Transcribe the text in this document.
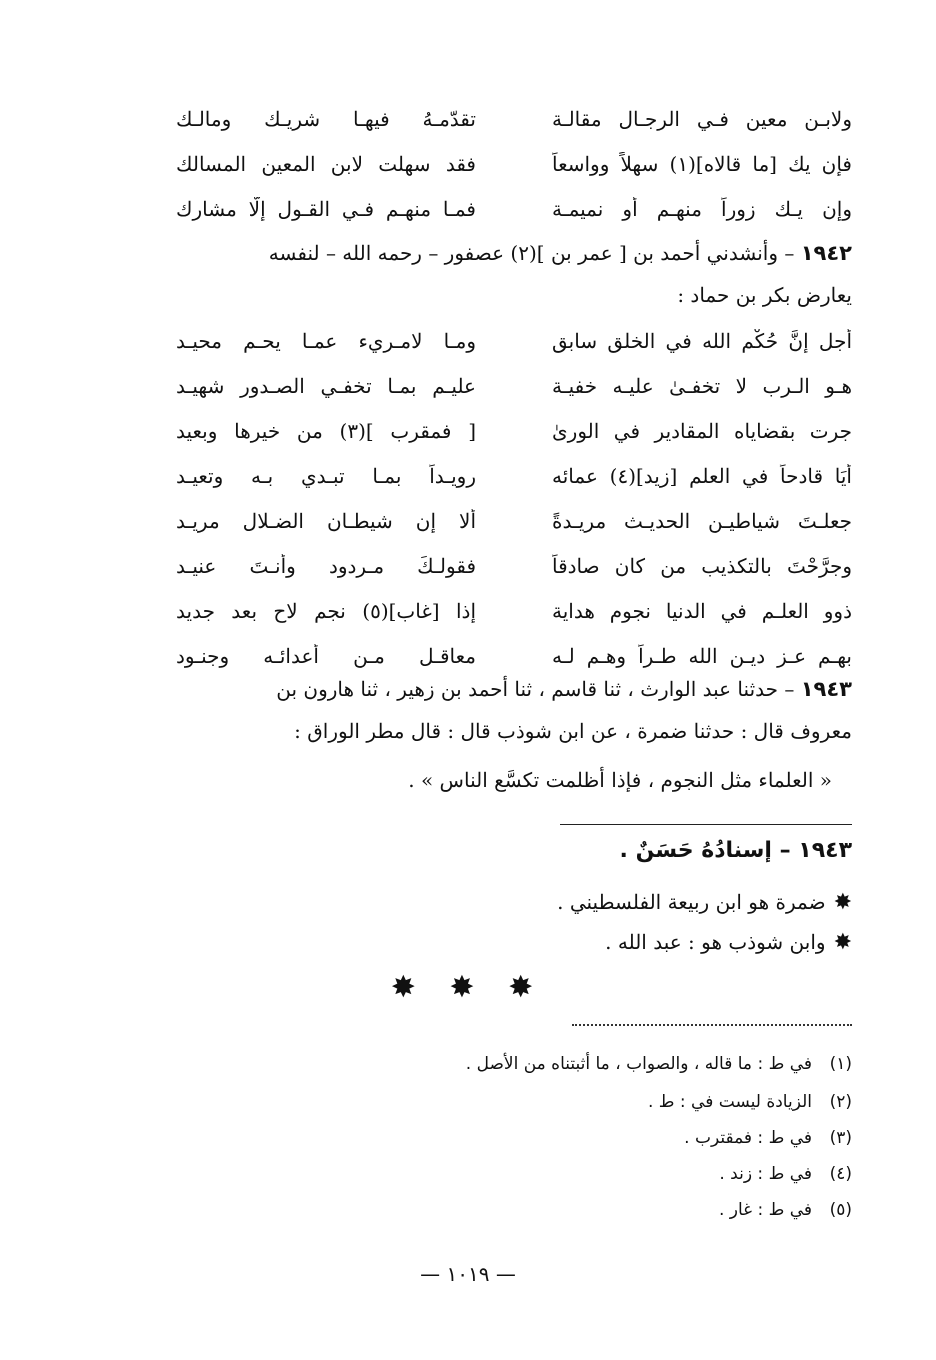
ولابـن معين فـي الرجـال مقالـة
تقدّمـهُ فيهـا شريـك ومالـك
فإن يك [ما قالاه](١) سهلاً وواسعاً
فقد سهلت لابن المعين المسالك
وإن يـك زوراً منهـم أو نميمـة
فمـا منهـم فـي القـول إلَّا مشارك
١٩٤٢ – وأنشدني أحمد بن [ عمر بن ](٢) عصفور – رحمه الله – لنفسه
يعارض بكر بن حماد :
أجل إنَّ حُكْم الله في الخلق سابق
ومـا لامـريء عمـا يحـم محيـد
هـو الـرب لا تخفـىٰ عليـه خفيـة
عليـم بمـا تخفـي الصـدور شهيـد
جرت بقضاياه المقادير في الورىٰ
[ فمقرب ](٣) من خيرها وبعيد
أيَا قادحاً في العلم [زيد](٤) عمائه
رويـداً بمـا تبـدي بـه وتعيـد
جعلـتَ شياطيـن الحديـث مريـدةً
ألا إن شيطـان الضـلال مريـد
وجرَّحْتَ بالتكذيب من كان صادقاً
فقولـكَ مـردود وأنـتَ عنيـد
ذوو العلـم في الدنيا نجوم هداية
إذا [غاب](٥) نجم لاح بعد جديد
بهـم عـز ديـن الله طـراً وهـم لـه
معاقـل مـن أعدائـه وجنـود
١٩٤٣ – حدثنا عبد الوارث ، ثنا قاسم ، ثنا أحمد بن زهير ، ثنا هارون بن
معروف قال : حدثنا ضمرة ، عن ابن شوذب قال : قال مطر الوراق :
« العلماء مثل النجوم ، فإذا أظلمت تكسَّع الناس » .
١٩٤٣ – إسنادُهُ حَسَنٌ .
✸ضمرة هو ابن ربيعة الفلسطيني .
✸وابن شوذب هو : عبد الله .
✸ ✸ ✸
(١)في ط : ما قاله ، والصواب ، ما أثبتناه من الأصل .
(٢)الزيادة ليست في : ط .
(٣)في ط : فمقترب .
(٤)في ط : زند .
(٥)في ط : غار .
— ١٠١٩ —
